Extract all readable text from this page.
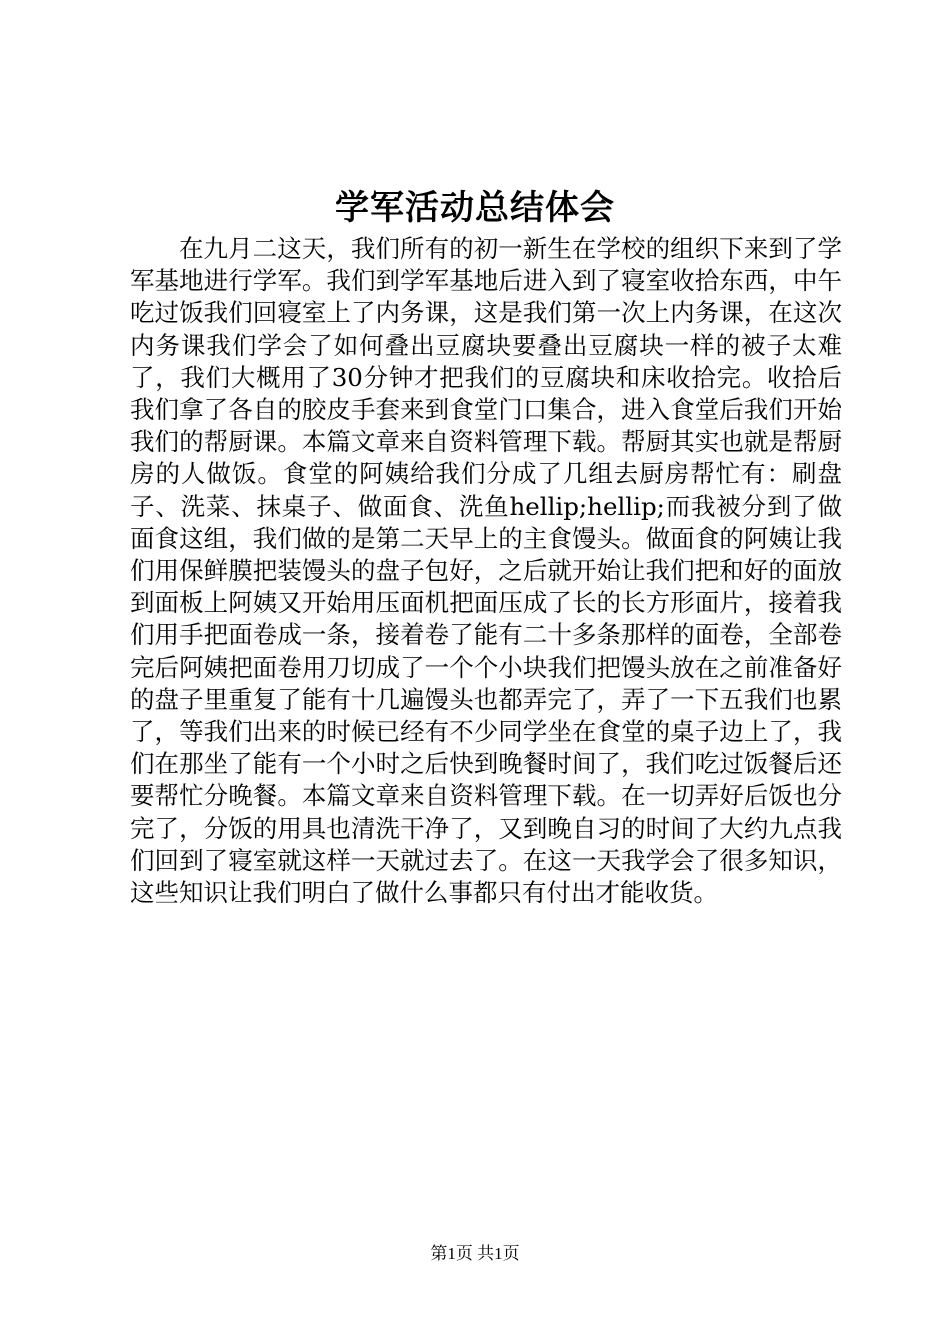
学军活动总结体会

在九月二这天，我们所有的初一新生在学校的组织下来到了学军基地进行学军。我们到学军基地后进入到了寝室收拾东西，中午吃过饭我们回寝室上了内务课，这是我们第一次上内务课，在这次内务课我们学会了如何叠出豆腐块要叠出豆腐块一样的被子太难了，我们大概用了30分钟才把我们的豆腐块和床收拾完。收拾后我们拿了各自的胶皮手套来到食堂门口集合，进入食堂后我们开始我们的帮厨课。本篇文章来自资料管理下载。帮厨其实也就是帮厨房的人做饭。食堂的阿姨给我们分成了几组去厨房帮忙有：刷盘子、洗菜、抹桌子、做面食、洗鱼hellip;hellip;而我被分到了做面食这组，我们做的是第二天早上的主食馒头。做面食的阿姨让我们用保鲜膜把装馒头的盘子包好，之后就开始让我们把和好的面放到面板上阿姨又开始用压面机把面压成了长的长方形面片，接着我们用手把面卷成一条，接着卷了能有二十多条那样的面卷，全部卷完后阿姨把面卷用刀切成了一个个小块我们把馒头放在之前准备好的盘子里重复了能有十几遍馒头也都弄完了，弄了一下五我们也累了，等我们出来的时候已经有不少同学坐在食堂的桌子边上了，我们在那坐了能有一个小时之后快到晚餐时间了，我们吃过饭餐后还要帮忙分晚餐。本篇文章来自资料管理下载。在一切弄好后饭也分完了，分饭的用具也清洗干净了，又到晚自习的时间了大约九点我们回到了寝室就这样一天就过去了。在这一天我学会了很多知识，这些知识让我们明白了做什么事都只有付出才能收货。

第1页 共1页
